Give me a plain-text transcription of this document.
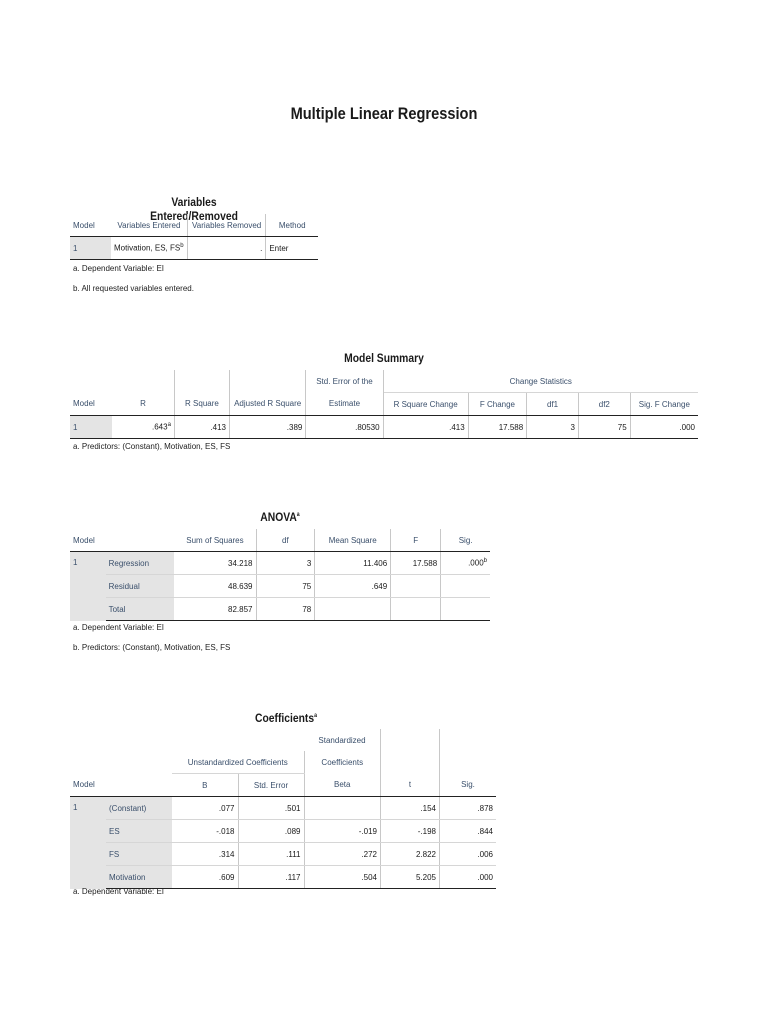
Multiple Linear Regression
Variables Entered/Removed
Model	Variables Entered	Variables Removed	Method
1	Motivation, ES, $FS^b$	.	Enter
a. Dependent Variable: EI
b. All requested variables entered.
Model Summary
				Std. Error of the	Change Statistics				
Model	R	R Square	Adjusted R Square	Estimate	R Square Change	F Change	df1	df2	Sig. F Change
1	.643$^a$	.413	.389	.80530	.413	17.588	3	75	.000
a. Predictors: (Constant), Motivation, ES, FS
ANOVA$^a$
Model		Sum of Squares	df	Mean Square	F	Sig.
1	Regression	34.218	3	11.406	17.588	.000$^b$
	Residual	48.639	75	.649		
	Total	82.857	78			
a. Dependent Variable: EI
b. Predictors: (Constant), Motivation, ES, FS
Coefficients$^a$
				Standardized		
		Unstandardized Coefficients		Coefficients		
Model		B	Std. Error	Beta	t	Sig.
1	(Constant)	.077	.501		.154	.878
	ES	-.018	.089	-.019	-.198	.844
	FS	.314	.111	.272	2.822	.006
	Motivation	.609	.117	.504	5.205	.000
a. Dependent Variable: EI
